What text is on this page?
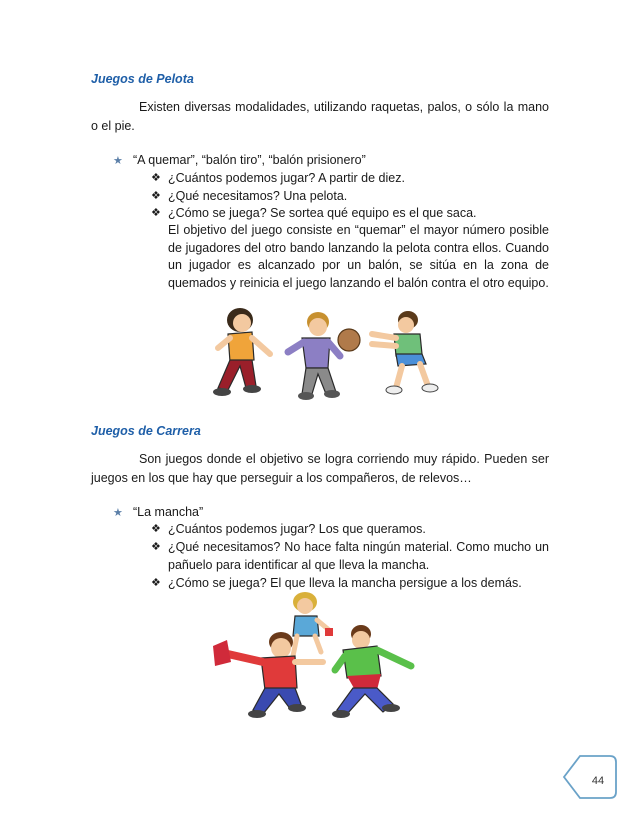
Juegos de Pelota
Existen diversas modalidades, utilizando raquetas, palos, o sólo la mano o el pie.
★ “A quemar”, “balón tiro”, “balón prisionero”
❖ ¿Cuántos podemos jugar? A partir de diez.
❖ ¿Qué necesitamos? Una pelota.
❖ ¿Cómo se juega? Se sortea qué equipo es el que saca.
El objetivo del juego consiste en “quemar” el mayor número posible de jugadores del otro bando lanzando la pelota contra ellos. Cuando un jugador es alcanzado por un balón, se sitúa en la zona de quemados y reinicia el juego lanzando el balón contra el otro equipo.
Juegos de Carrera
Son juegos donde el objetivo se logra corriendo muy rápido. Pueden ser juegos en los que hay que perseguir a los compañeros, de relevos…
★ “La mancha”
❖ ¿Cuántos podemos jugar? Los que queramos.
❖ ¿Qué necesitamos? No hace falta ningún material. Como mucho un pañuelo para identificar al que lleva la mancha.
❖ ¿Cómo se juega? El que lleva la mancha persigue a los demás.
44
